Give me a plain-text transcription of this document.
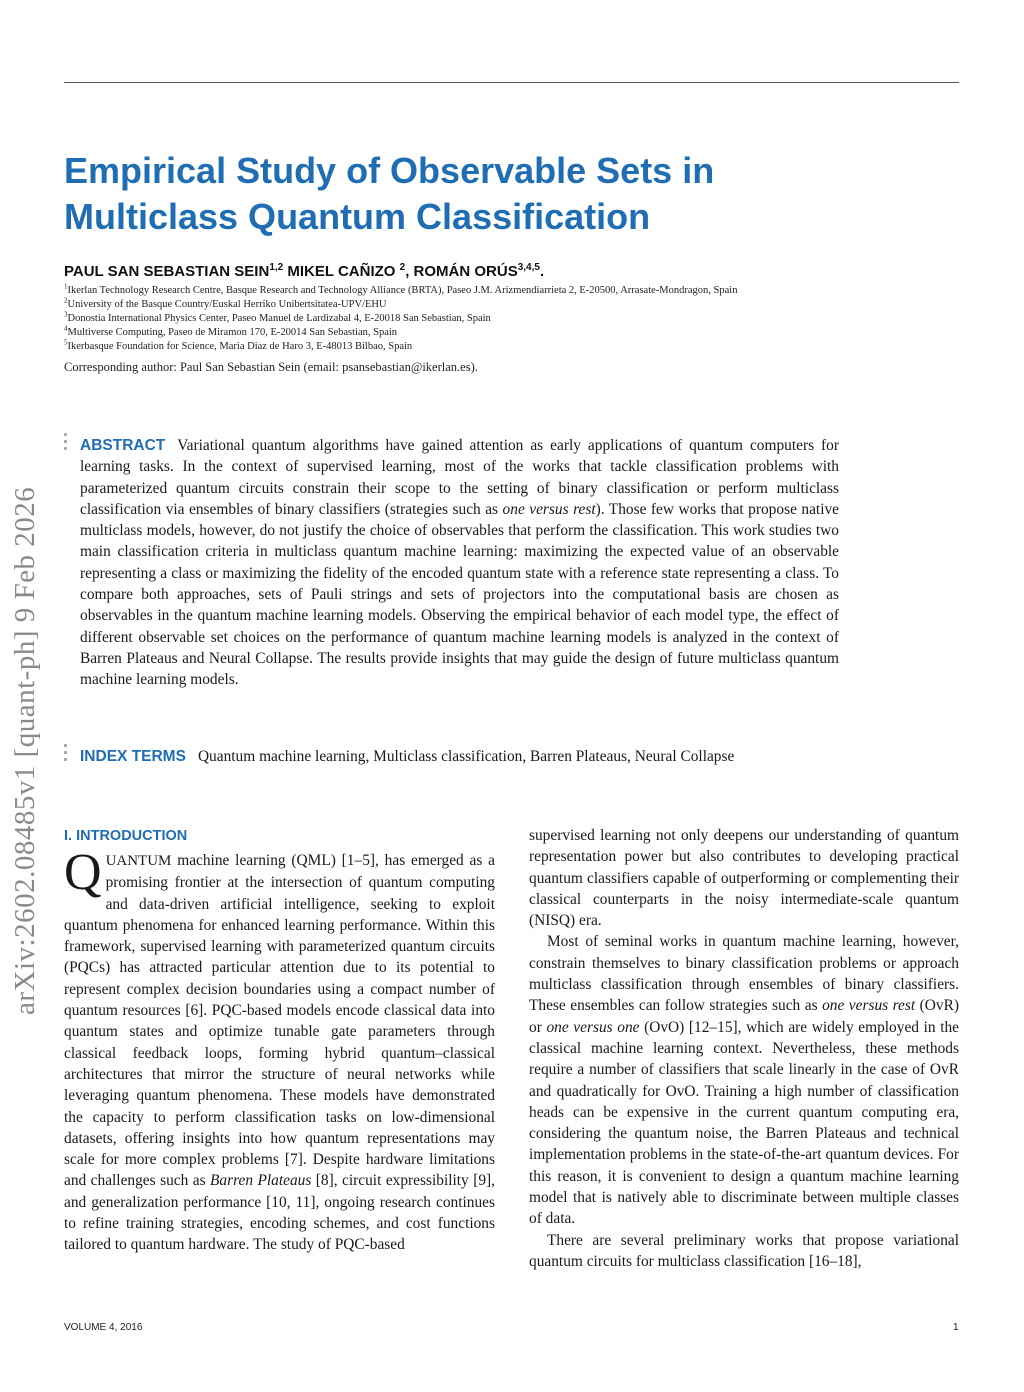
arXiv:2602.08485v1 [quant-ph] 9 Feb 2026
Empirical Study of Observable Sets in
Multiclass Quantum Classification
PAUL SAN SEBASTIAN SEIN$^{1,2}$ MIKEL CAÑIZO $^2$, ROMÁN ORÚS$^{3,4,5}$.
$^1$Ikerlan Technology Research Centre, Basque Research and Technology Alliance (BRTA), Paseo J.M. Arizmendiarrieta 2, E-20500, Arrasate-Mondragon, Spain
$^2$University of the Basque Country/Euskal Herriko Unibertsitatea-UPV/EHU
$^3$Donostia International Physics Center, Paseo Manuel de Lardizabal 4, E-20018 San Sebastian, Spain
$^4$Multiverse Computing, Paseo de Miramon 170, E-20014 San Sebastian, Spain
$^5$Ikerbasque Foundation for Science, Maria Diaz de Haro 3, E-48013 Bilbao, Spain
Corresponding author: Paul San Sebastian Sein (email: psansebastian@ikerlan.es).

ABSTRACT Variational quantum algorithms have gained attention as early applications of quantum computers for learning tasks. In the context of supervised learning, most of the works that tackle classification problems with parameterized quantum circuits constrain their scope to the setting of binary classification or perform multiclass classification via ensembles of binary classifiers (strategies such as one versus rest). Those few works that propose native multiclass models, however, do not justify the choice of observables that perform the classification. This work studies two main classification criteria in multiclass quantum machine learning: maximizing the expected value of an observable representing a class or maximizing the fidelity of the encoded quantum state with a reference state representing a class. To compare both approaches, sets of Pauli strings and sets of projectors into the computational basis are chosen as observables in the quantum machine learning models. Observing the empirical behavior of each model type, the effect of different observable set choices on the performance of quantum machine learning models is analyzed in the context of Barren Plateaus and Neural Collapse. The results provide insights that may guide the design of future multiclass quantum machine learning models.

INDEX TERMS Quantum machine learning, Multiclass classification, Barren Plateaus, Neural Collapse

I. INTRODUCTION

QUANTUM machine learning (QML) [1–5], has emerged as a promising frontier at the intersection of quantum computing and data-driven artificial intelligence, seeking to exploit quantum phenomena for enhanced learning performance. Within this framework, supervised learning with parameterized quantum circuits (PQCs) has attracted particular attention due to its potential to represent complex decision boundaries using a compact number of quantum resources [6]. PQC-based models encode classical data into quantum states and optimize tunable gate parameters through classical feedback loops, forming hybrid quantum–classical architectures that mirror the structure of neural networks while leveraging quantum phenomena. These models have demonstrated the capacity to perform classification tasks on low-dimensional datasets, offering insights into how quantum representations may scale for more complex problems [7]. Despite hardware limitations and challenges such as Barren Plateaus [8], circuit expressibility [9], and generalization performance [10, 11], ongoing research continues to refine training strategies, encoding schemes, and cost functions tailored to quantum hardware. The study of PQC-based

supervised learning not only deepens our understanding of quantum representation power but also contributes to developing practical quantum classifiers capable of outperforming or complementing their classical counterparts in the noisy intermediate-scale quantum (NISQ) era.

Most of seminal works in quantum machine learning, however, constrain themselves to binary classification problems or approach multiclass classification through ensembles of binary classifiers. These ensembles can follow strategies such as one versus rest (OvR) or one versus one (OvO) [12–15], which are widely employed in the classical machine learning context. Nevertheless, these methods require a number of classifiers that scale linearly in the case of OvR and quadratically for OvO. Training a high number of classification heads can be expensive in the current quantum computing era, considering the quantum noise, the Barren Plateaus and technical implementation problems in the state-of-the-art quantum devices. For this reason, it is convenient to design a quantum machine learning model that is natively able to discriminate between multiple classes of data.

There are several preliminary works that propose variational quantum circuits for multiclass classification [16–18],

VOLUME 4, 2016	1
